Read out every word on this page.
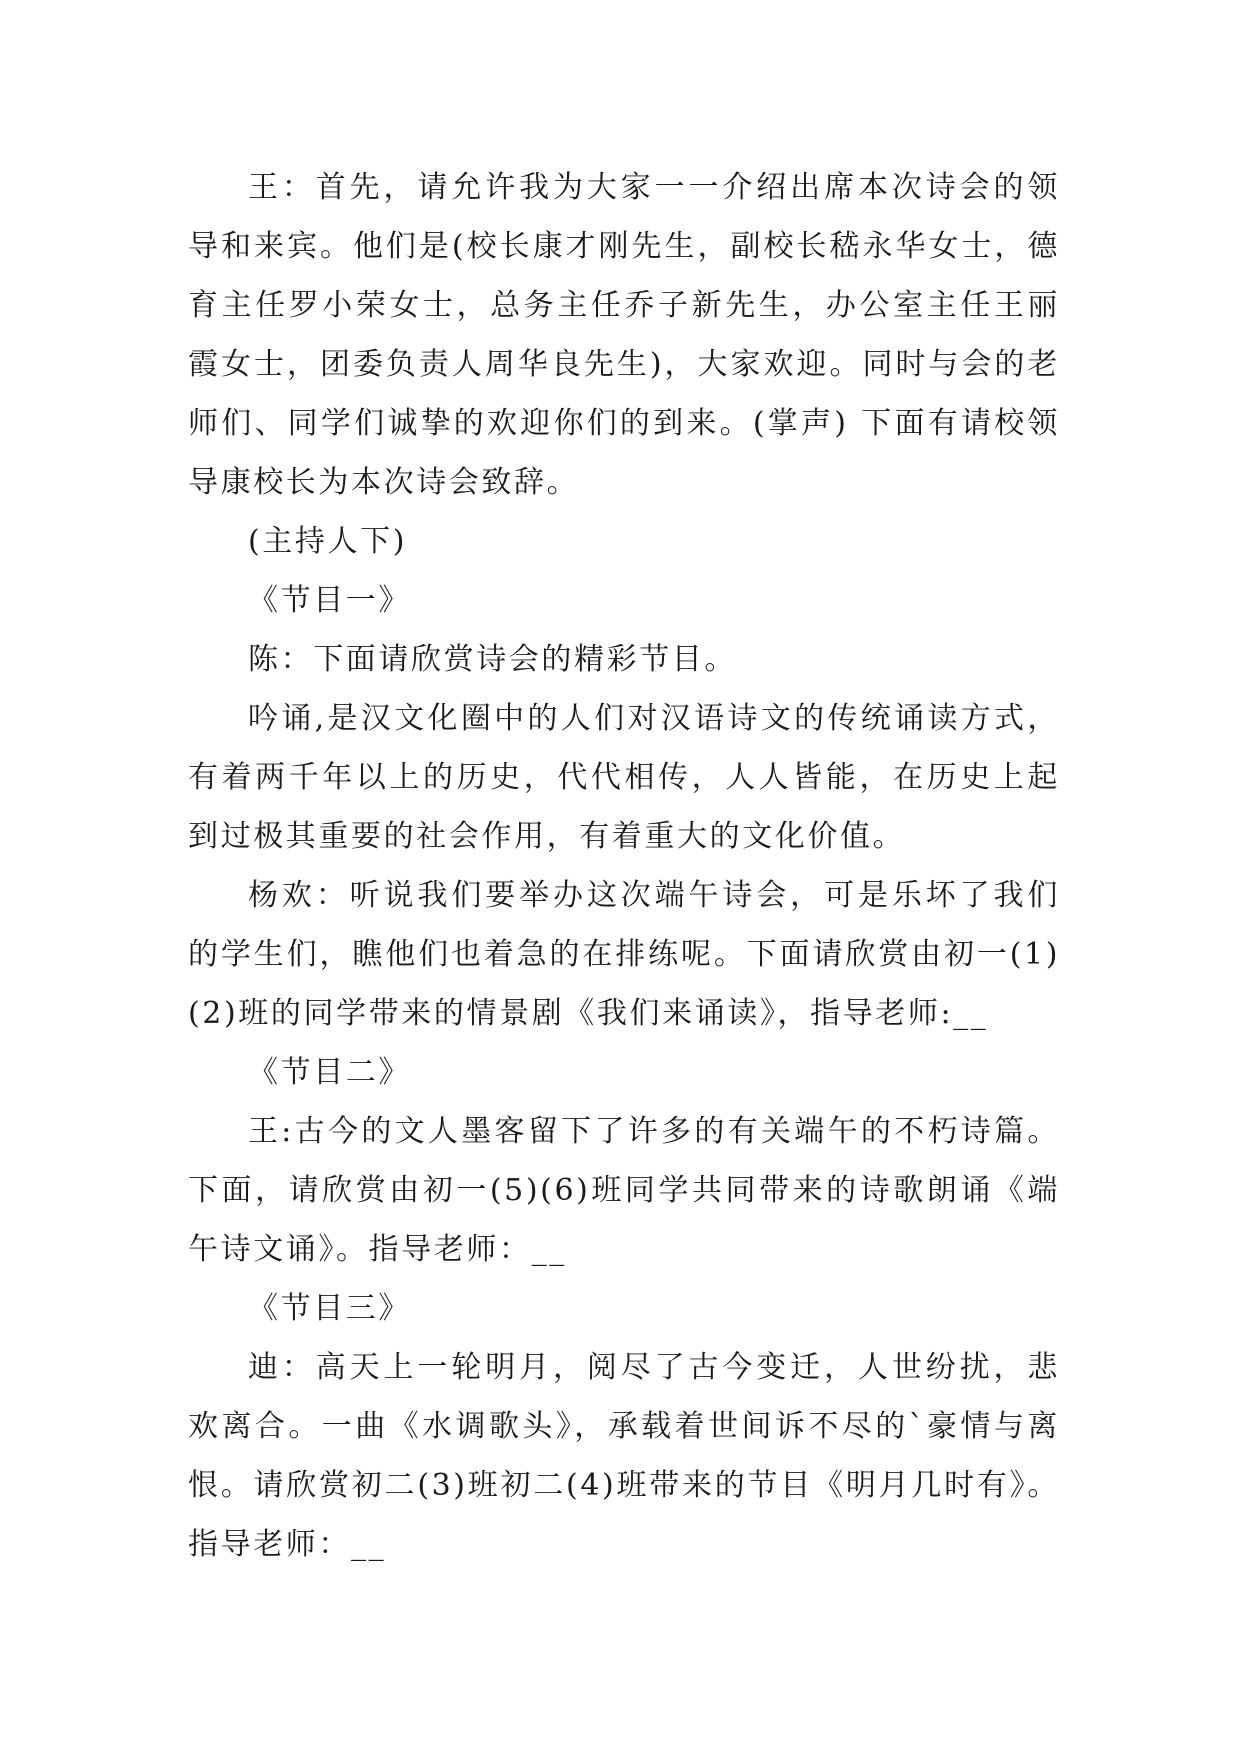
王：首先，请允许我为大家一一介绍出席本次诗会的领导和来宾。他们是(校长康才刚先生，副校长嵇永华女士，德育主任罗小荣女士，总务主任乔子新先生，办公室主任王丽霞女士，团委负责人周华良先生)，大家欢迎。同时与会的老师们、同学们诚挚的欢迎你们的到来。(掌声) 下面有请校领导康校长为本次诗会致辞。

(主持人下)

《节目一》

陈：下面请欣赏诗会的精彩节目。

吟诵,是汉文化圈中的人们对汉语诗文的传统诵读方式，有着两千年以上的历史，代代相传，人人皆能，在历史上起到过极其重要的社会作用，有着重大的文化价值。

杨欢：听说我们要举办这次端午诗会，可是乐坏了我们的学生们，瞧他们也着急的在排练呢。下面请欣赏由初一(1)(2)班的同学带来的情景剧《我们来诵读》，指导老师:__

《节目二》

王:古今的文人墨客留下了许多的有关端午的不朽诗篇。下面，请欣赏由初一(5)(6)班同学共同带来的诗歌朗诵《端午诗文诵》。指导老师：__

《节目三》

迪：高天上一轮明月，阅尽了古今变迁，人世纷扰，悲欢离合。一曲《水调歌头》，承载着世间诉不尽的`豪情与离恨。请欣赏初二(3)班初二(4)班带来的节目《明月几时有》。指导老师：__
